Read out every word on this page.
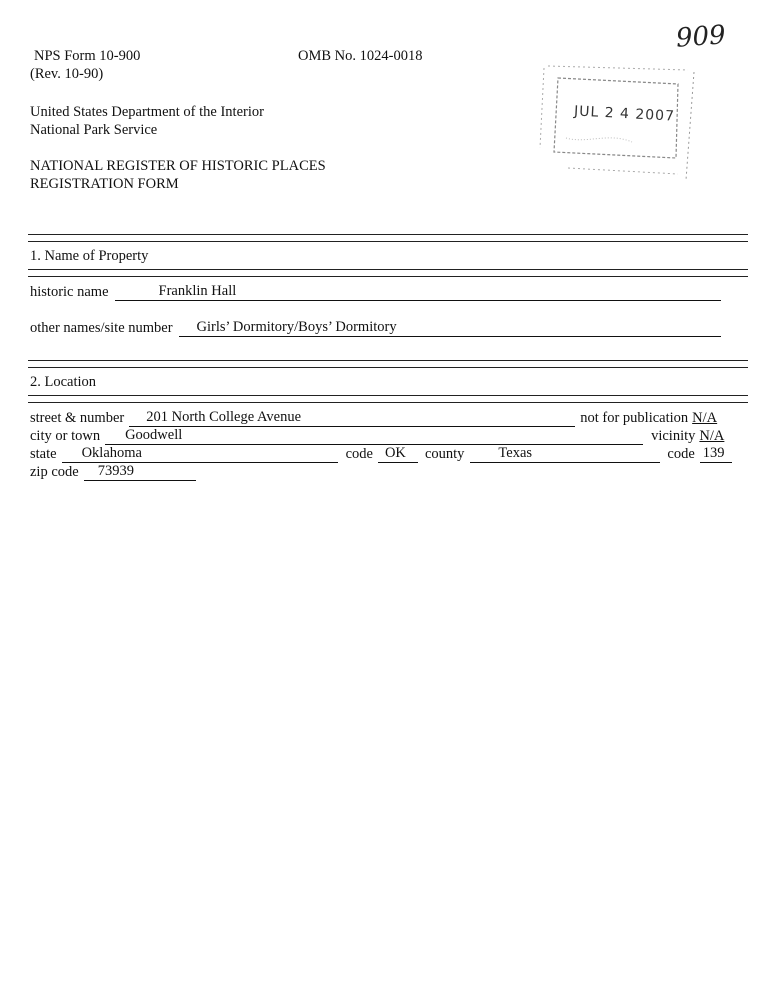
NPS Form 10-900
(Rev. 10-90)
OMB No. 1024-0018
United States Department of the Interior
National Park Service
NATIONAL REGISTER OF HISTORIC PLACES
REGISTRATION FORM
909
JUL 2 4 2007
1. Name of Property
historic name	Franklin Hall
other names/site number Girls’ Dormitory/Boys’ Dormitory
2. Location
street & number 201 North College Avenue	not for publication N/A
city or town Goodwell	vicinity N/A
state Oklahoma	code OK county Texas	code 139
zip code 73939
